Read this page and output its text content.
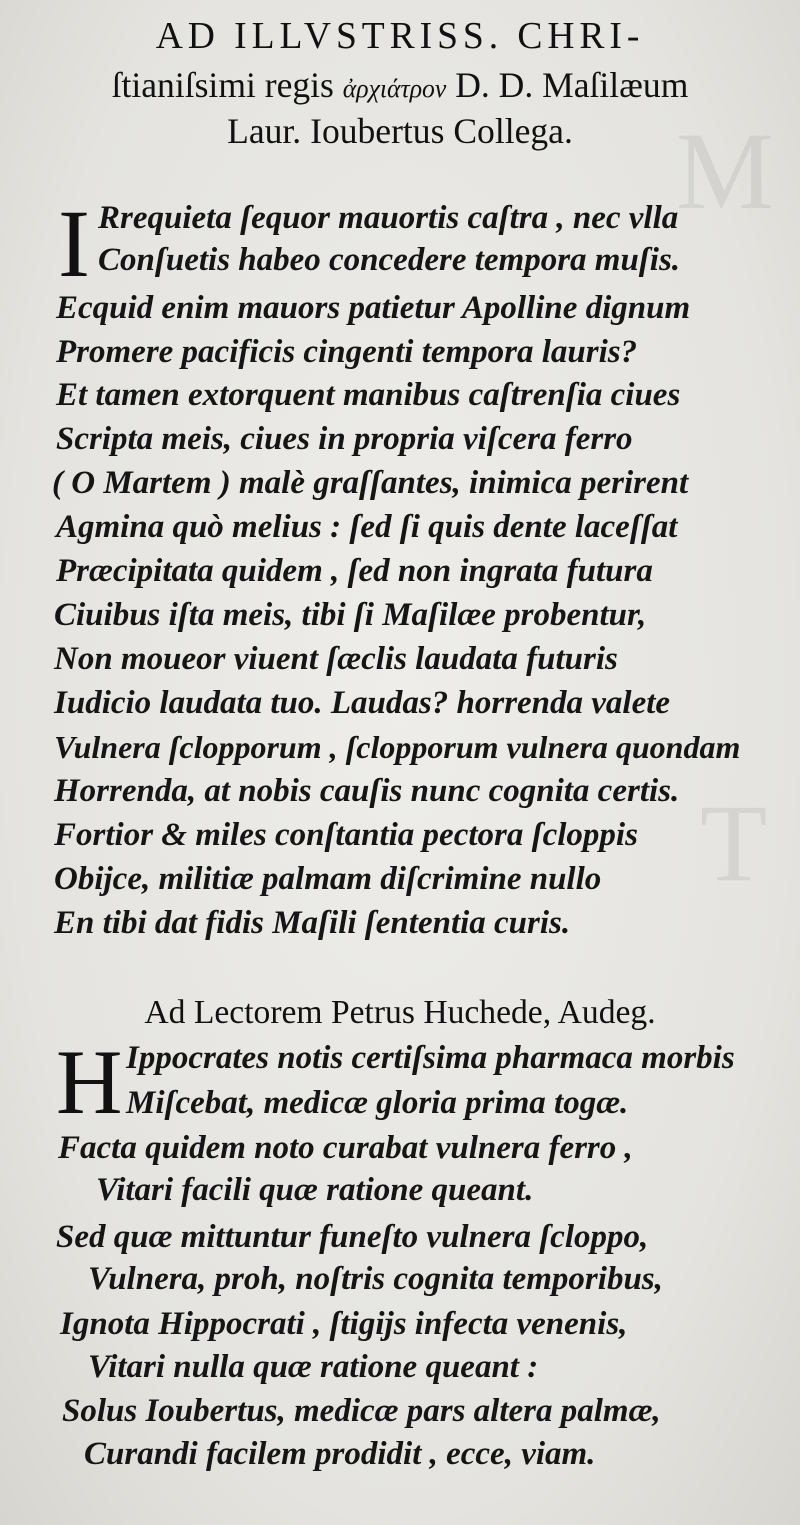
M
T
AD ILLVSTRISS. CHRI-
ſtianiſsimi regis ἀρχιάτρον D. D. Maſilæum
Laur. Ioubertus Collega.
I Rrequieta ſequor mauortis caſtra , nec vlla
Conſuetis habeo concedere tempora muſis.
Ecquid enim mauors patietur Apolline dignum
Promere pacificis cingenti tempora lauris?
Et tamen extorquent manibus caſtrenſia ciues
Scripta meis, ciues in propria viſcera ferro
( O Martem ) malè graſſantes, inimica perirent
Agmina quò melius : ſed ſi quis dente laceſſat
Præcipitata quidem , ſed non ingrata futura
Ciuibus iſta meis, tibi ſi Maſilæe probentur,
Non moueor viuent ſæclis laudata futuris
Iudicio laudata tuo. Laudas? horrenda valete
Vulnera ſclopporum , ſclopporum vulnera quondam
Horrenda, at nobis cauſis nunc cognita certis.
Fortior & miles conſtantia pectora ſcloppis
Obijce, militiæ palmam diſcrimine nullo
En tibi dat fidis Maſili ſententia curis.
Ad Lectorem Petrus Huchede, Audeg.
H Ippocrates notis certiſsima pharmaca morbis
Miſcebat, medicæ gloria prima togæ.
Facta quidem noto curabat vulnera ferro ,
Vitari facili quæ ratione queant.
Sed quæ mittuntur funeſto vulnera ſcloppo,
Vulnera, proh, noſtris cognita temporibus,
Ignota Hippocrati , ſtigijs infecta venenis,
Vitari nulla quæ ratione queant :
Solus Ioubertus, medicæ pars altera palmæ,
Curandi facilem prodidit , ecce, viam.
